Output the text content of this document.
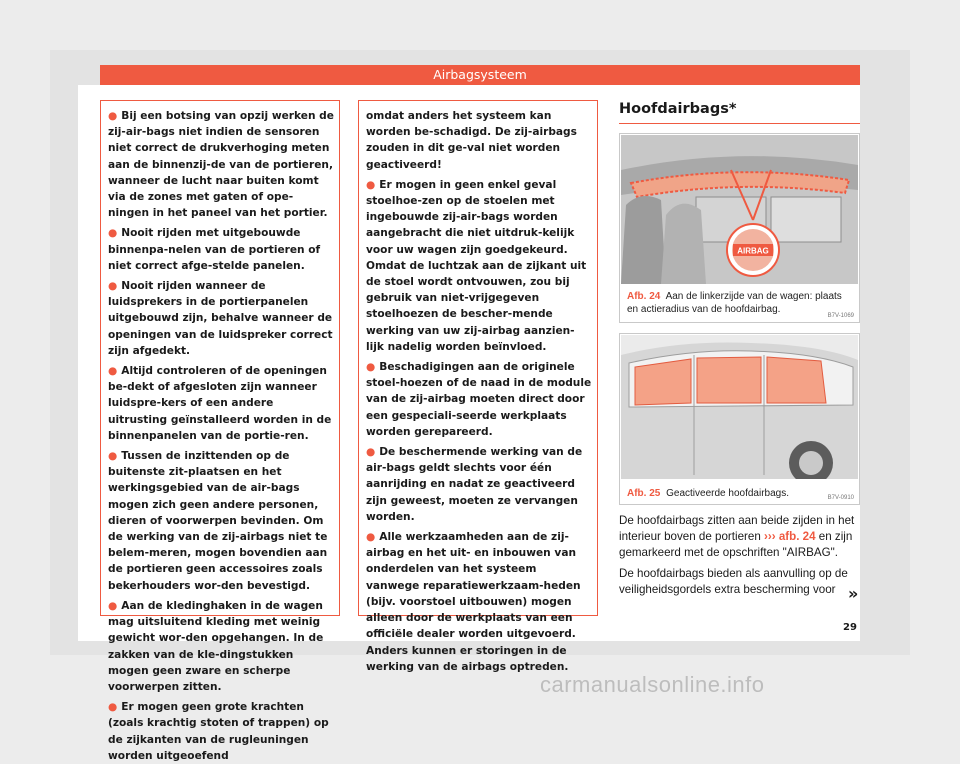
Airbagsysteem
● Bij een botsing van opzij werken de zij-air-bags niet indien de sensoren niet correct de drukverhoging meten aan de binnenzij-de van de portieren, wanneer de lucht naar buiten komt via de zones met gaten of ope-ningen in het paneel van het portier.
● Nooit rijden met uitgebouwde binnenpa-nelen van de portieren of niet correct afge-stelde panelen.
● Nooit rijden wanneer de luidsprekers in de portierpanelen uitgebouwd zijn, behalve wanneer de openingen van de luidspreker correct zijn afgedekt.
● Altijd controleren of de openingen be-dekt of afgesloten zijn wanneer luidspre-kers of een andere uitrusting geïnstalleerd worden in de binnenpanelen van de portie-ren.
● Tussen de inzittenden op de buitenste zit-plaatsen en het werkingsgebied van de air-bags mogen zich geen andere personen, dieren of voorwerpen bevinden. Om de werking van de zij-airbags niet te belem-meren, mogen bovendien aan de portieren geen accessoires zoals bekerhouders wor-den bevestigd.
● Aan de kledinghaken in de wagen mag uitsluitend kleding met weinig gewicht wor-den opgehangen. In de zakken van de kle-dingstukken mogen geen zware en scherpe voorwerpen zitten.
● Er mogen geen grote krachten (zoals krachtig stoten of trappen) op de zijkanten van de rugleuningen worden uitgeoefend

omdat anders het systeem kan worden be-schadigd. De zij-airbags zouden in dit ge-val niet worden geactiveerd!

● Er mogen in geen enkel geval stoelhoe-zen op de stoelen met ingebouwde zij-air-bags worden aangebracht die niet uitdruk-kelijk voor uw wagen zijn goedgekeurd. Omdat de luchtzak aan de zijkant uit de stoel wordt ontvouwen, zou bij gebruik van niet-vrijgegeven stoelhoezen de bescher-mende werking van uw zij-airbag aanzien-lijk nadelig worden beïnvloed.
● Beschadigingen aan de originele stoel-hoezen of de naad in de module van de zij-airbag moeten direct door een gespeciali-seerde werkplaats worden gerepareerd.
● De beschermende werking van de air-bags geldt slechts voor één aanrijding en nadat ze geactiveerd zijn geweest, moeten ze vervangen worden.
● Alle werkzaamheden aan de zij-airbag en het uit- en inbouwen van onderdelen van het systeem vanwege reparatiewerkzaam-heden (bijv. voorstoel uitbouwen) mogen alleen door de werkplaats van een officiële dealer worden uitgevoerd. Anders kunnen er storingen in de werking van de airbags optreden.
Hoofdairbags*
AIRBAG
B7V-1069
Afb. 24 Aan de linkerzijde van de wagen: plaats en actieradius van de hoofdairbag.
B7V-0910
Afb. 25 Geactiveerde hoofdairbags.

De hoofdairbags zitten aan beide zijden in het interieur boven de portieren ››› afb. 24 en zijn gemarkeerd met de opschriften "AIRBAG".

De hoofdairbags bieden als aanvulling op de veiligheidsgordels extra bescherming voor »
29
carmanualsonline.info
